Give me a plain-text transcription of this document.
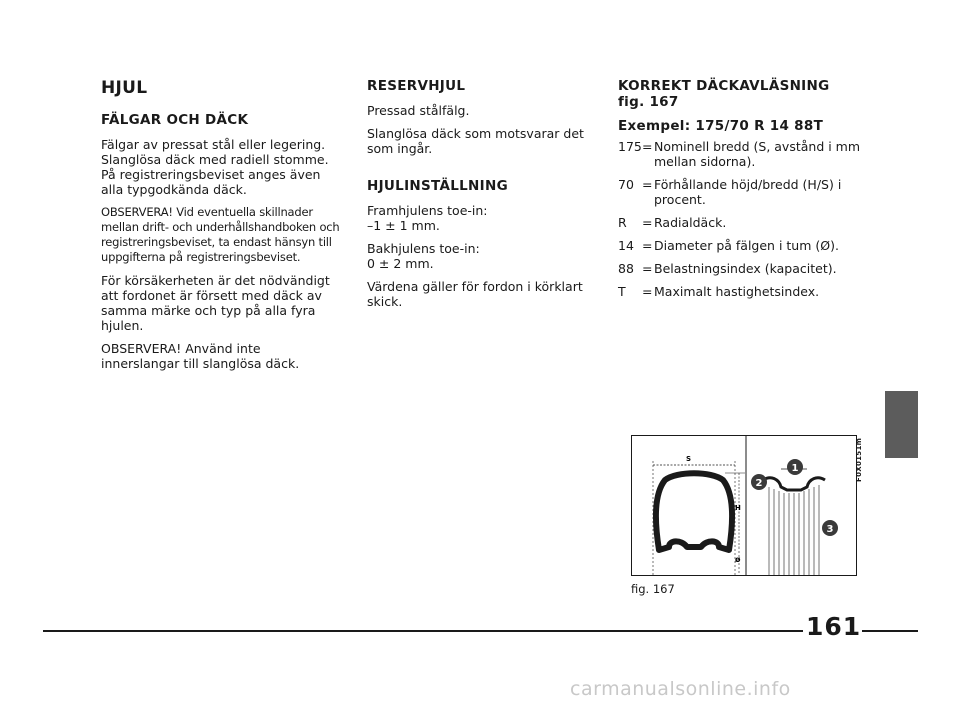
HJUL
FÄLGAR OCH DÄCK

Fälgar av pressat stål eller legering.

Slanglösa däck med radiell stomme.

På registreringsbeviset anges även alla typgodkända däck.

OBSERVERA! Vid eventuella skillnader mellan drift- och underhållshandboken och registreringsbeviset, ta endast hänsyn till uppgifterna på registreringsbeviset.

För körsäkerheten är det nödvändigt att fordonet är försett med däck av samma märke och typ på alla fyra hjulen.

OBSERVERA! Använd inte innerslangar till slanglösa däck.

RESERVHJUL

Pressad stålfälg.

Slanglösa däck som motsvarar det som ingår.

HJULINSTÄLLNING

Framhjulens toe-in:
–1 ± 1 mm.

Bakhjulens toe-in:
0 ± 2 mm.

Värdena gäller för fordon i körklart skick.

KORREKT DÄCKAVLÄSNING
fig. 167
Exempel: 175/70 R 14 88T
175 = Nominell bredd (S, avstånd i mm mellan sidorna).
70 = Förhållande höjd/bredd (H/S) i procent.
R	= Radialdäck.
14 = Diameter på fälgen i tum (Ø).
88 = Belastningsindex (kapacitet).
T	= Maximalt hastighetsindex.
F0X0151m
S
H
ø
1
2
3
fig. 167
161
carmanualsonline.info
